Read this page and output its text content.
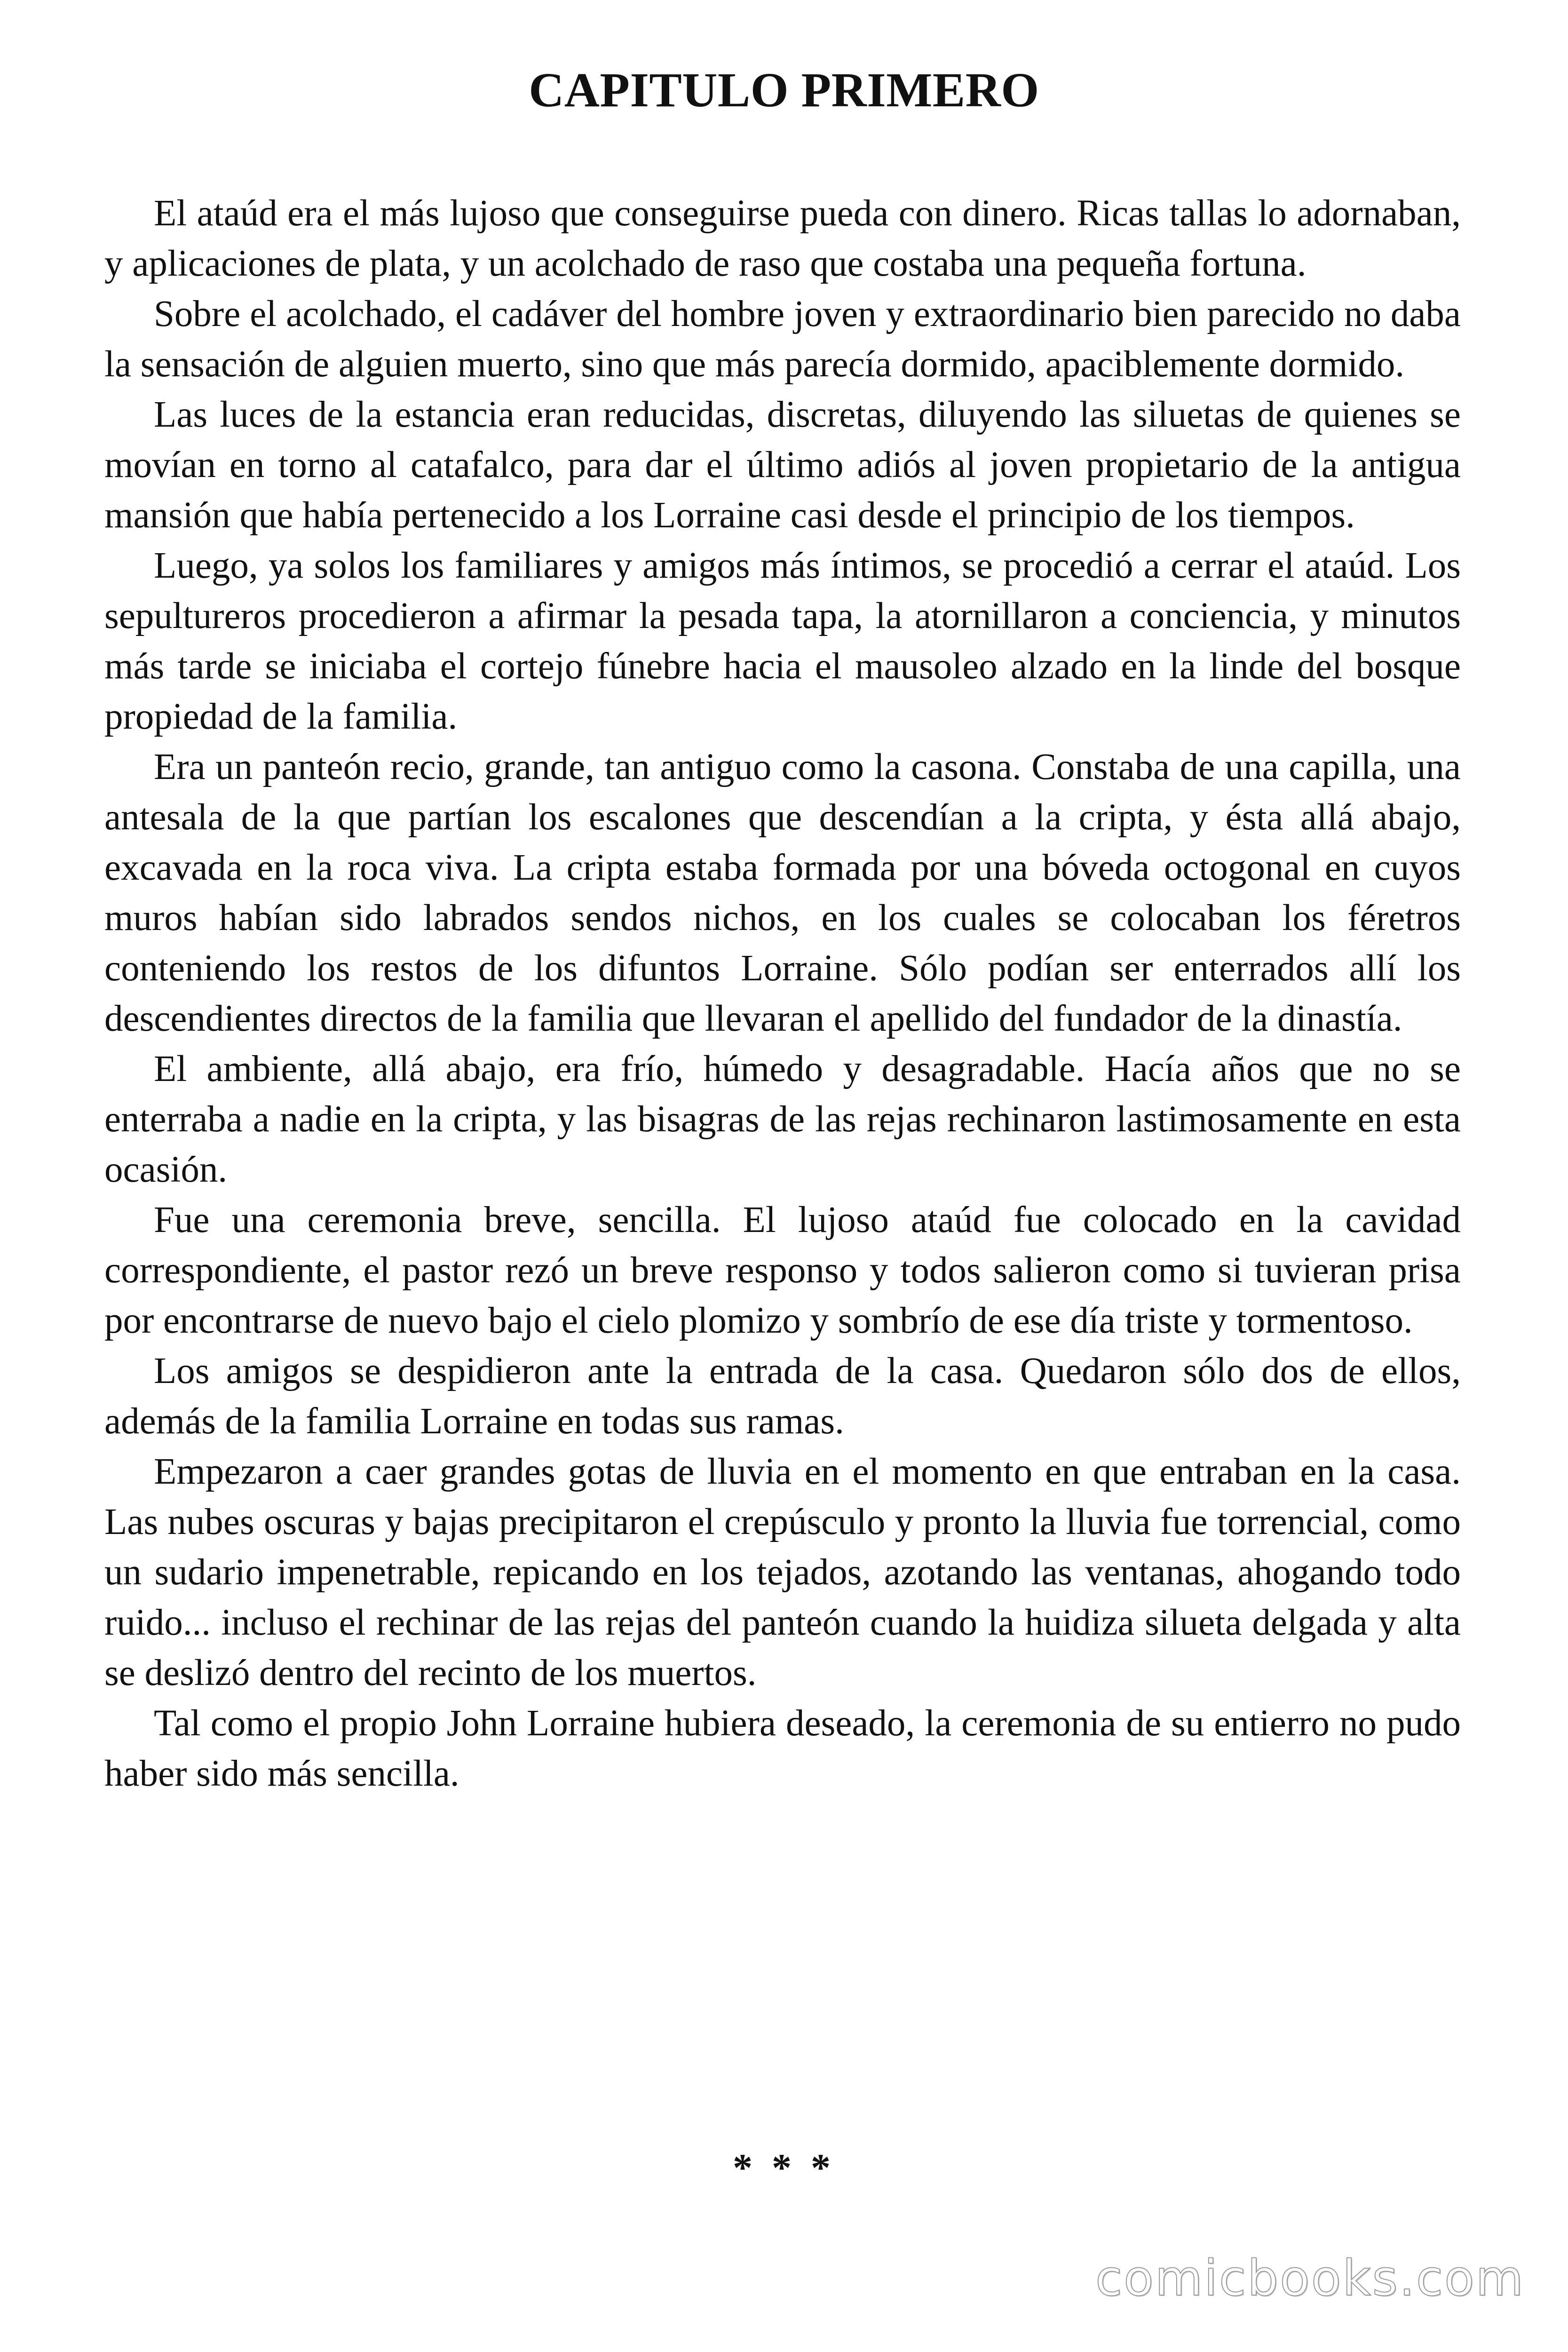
CAPITULO PRIMERO

El ataúd era el más lujoso que conseguirse pueda con dinero. Ricas tallas lo adornaban, y aplicaciones de plata, y un acolchado de raso que costaba una pequeña fortuna.

Sobre el acolchado, el cadáver del hombre joven y extraordinario bien parecido no daba la sensación de alguien muerto, sino que más parecía dormido, apaciblemente dormido.

Las luces de la estancia eran reducidas, discretas, diluyendo las siluetas de quienes se movían en torno al catafalco, para dar el último adiós al joven propietario de la antigua mansión que había pertenecido a los Lorraine casi desde el principio de los tiempos.

Luego, ya solos los familiares y amigos más íntimos, se procedió a cerrar el ataúd. Los sepultureros procedieron a afirmar la pesada tapa, la atornillaron a conciencia, y minutos más tarde se iniciaba el cortejo fúnebre hacia el mausoleo alzado en la linde del bosque propiedad de la familia.

Era un panteón recio, grande, tan antiguo como la casona. Constaba de una capilla, una antesala de la que partían los escalones que descendían a la cripta, y ésta allá abajo, excavada en la roca viva. La cripta estaba formada por una bóveda octogonal en cuyos muros habían sido labrados sendos nichos, en los cuales se colocaban los féretros conteniendo los restos de los difuntos Lorraine. Sólo podían ser enterrados allí los descendientes directos de la familia que llevaran el apellido del fundador de la dinastía.

El ambiente, allá abajo, era frío, húmedo y desagradable. Hacía años que no se enterraba a nadie en la cripta, y las bisagras de las rejas rechinaron lastimosamente en esta ocasión.

Fue una ceremonia breve, sencilla. El lujoso ataúd fue colocado en la cavidad correspondiente, el pastor rezó un breve responso y todos salieron como si tuvieran prisa por encontrarse de nuevo bajo el cielo plomizo y sombrío de ese día triste y tormentoso.

Los amigos se despidieron ante la entrada de la casa. Quedaron sólo dos de ellos, además de la familia Lorraine en todas sus ramas.

Empezaron a caer grandes gotas de lluvia en el momento en que entraban en la casa. Las nubes oscuras y bajas precipitaron el crepúsculo y pronto la lluvia fue torrencial, como un sudario impenetrable, repicando en los tejados, azotando las ventanas, ahogando todo ruido... incluso el rechinar de las rejas del panteón cuando la huidiza silueta delgada y alta se deslizó dentro del recinto de los muertos.

Tal como el propio John Lorraine hubiera deseado, la ceremonia de su entierro no pudo haber sido más sencilla.

* * *
comicbooks.com
